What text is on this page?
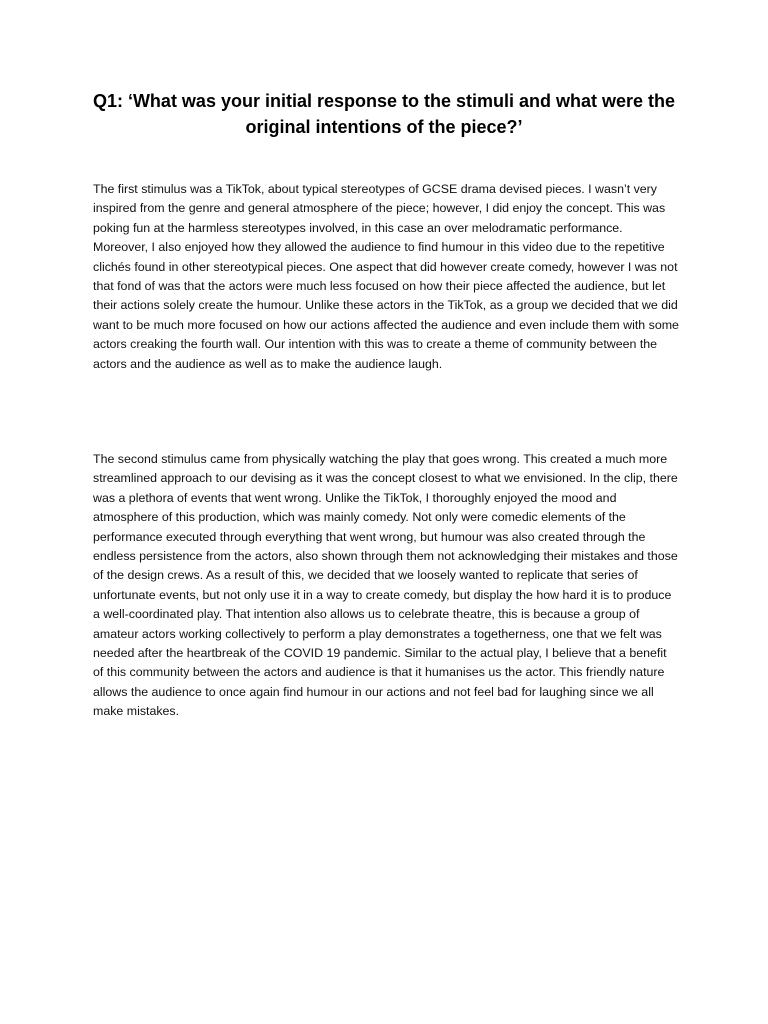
Q1: ‘What was your initial response to the stimuli and what were the original intentions of the piece?’

The first stimulus was a TikTok, about typical stereotypes of GCSE drama devised pieces. I wasn’t very inspired from the genre and general atmosphere of the piece; however, I did enjoy the concept. This was poking fun at the harmless stereotypes involved, in this case an over melodramatic performance. Moreover, I also enjoyed how they allowed the audience to find humour in this video due to the repetitive clichés found in other stereotypical pieces. One aspect that did however create comedy, however I was not that fond of was that the actors were much less focused on how their piece affected the audience, but let their actions solely create the humour. Unlike these actors in the TikTok, as a group we decided that we did want to be much more focused on how our actions affected the audience and even include them with some actors creaking the fourth wall. Our intention with this was to create a theme of community between the actors and the audience as well as to make the audience laugh.

The second stimulus came from physically watching the play that goes wrong. This created a much more streamlined approach to our devising as it was the concept closest to what we envisioned. In the clip, there was a plethora of events that went wrong. Unlike the TikTok, I thoroughly enjoyed the mood and atmosphere of this production, which was mainly comedy. Not only were comedic elements of the performance executed through everything that went wrong, but humour was also created through the endless persistence from the actors, also shown through them not acknowledging their mistakes and those of the design crews. As a result of this, we decided that we loosely wanted to replicate that series of unfortunate events, but not only use it in a way to create comedy, but display the how hard it is to produce a well-coordinated play. That intention also allows us to celebrate theatre, this is because a group of amateur actors working collectively to perform a play demonstrates a togetherness, one that we felt was needed after the heartbreak of the COVID 19 pandemic. Similar to the actual play, I believe that a benefit of this community between the actors and audience is that it humanises us the actor. This friendly nature allows the audience to once again find humour in our actions and not feel bad for laughing since we all make mistakes.
